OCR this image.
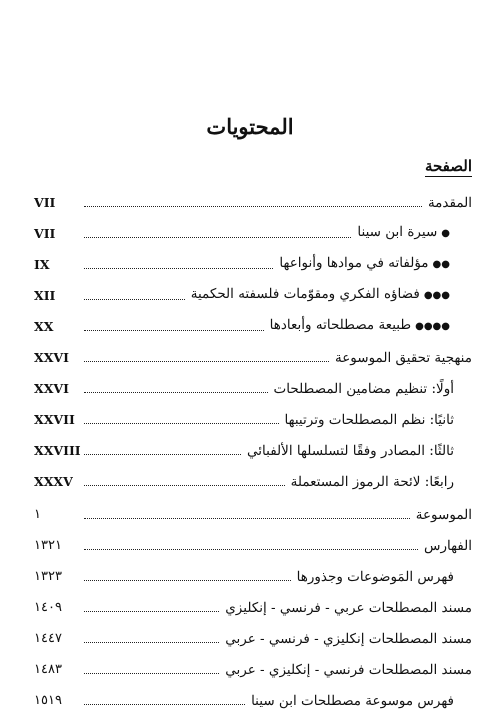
المحتويات
الصفحة
المقدمة
VII
●سيرة ابن سينا
VII
●●مؤلفاته في موادها وأنواعها
IX
●●●فضاؤه الفكري ومقوّمات فلسفته الحكمية
XII
●●●●طبيعة مصطلحاته وأبعادها
XX
منهجية تحقيق الموسوعة
XXVI
أولًا: تنظيم مضامين المصطلحات
XXVI
ثانيًا: نظم المصطلحات وترتيبها
XXVII
ثالثًا: المصادر وفقًا لتسلسلها الألفبائي
XXVIII
رابعًا: لائحة الرموز المستعملة
XXXV
الموسوعة
١
الفهارس
١٣٢١
فهرس المَوضوعات وجذورها
١٣٢٣
مسند المصطلحات عربي - فرنسي - إنكليزي
١٤٠٩
مسند المصطلحات إنكليزي - فرنسي - عربي
١٤٤٧
مسند المصطلحات فرنسي - إنكليزي - عربي
١٤٨٣
فهرس موسوعة مصطلحات ابن سينا
١٥١٩
